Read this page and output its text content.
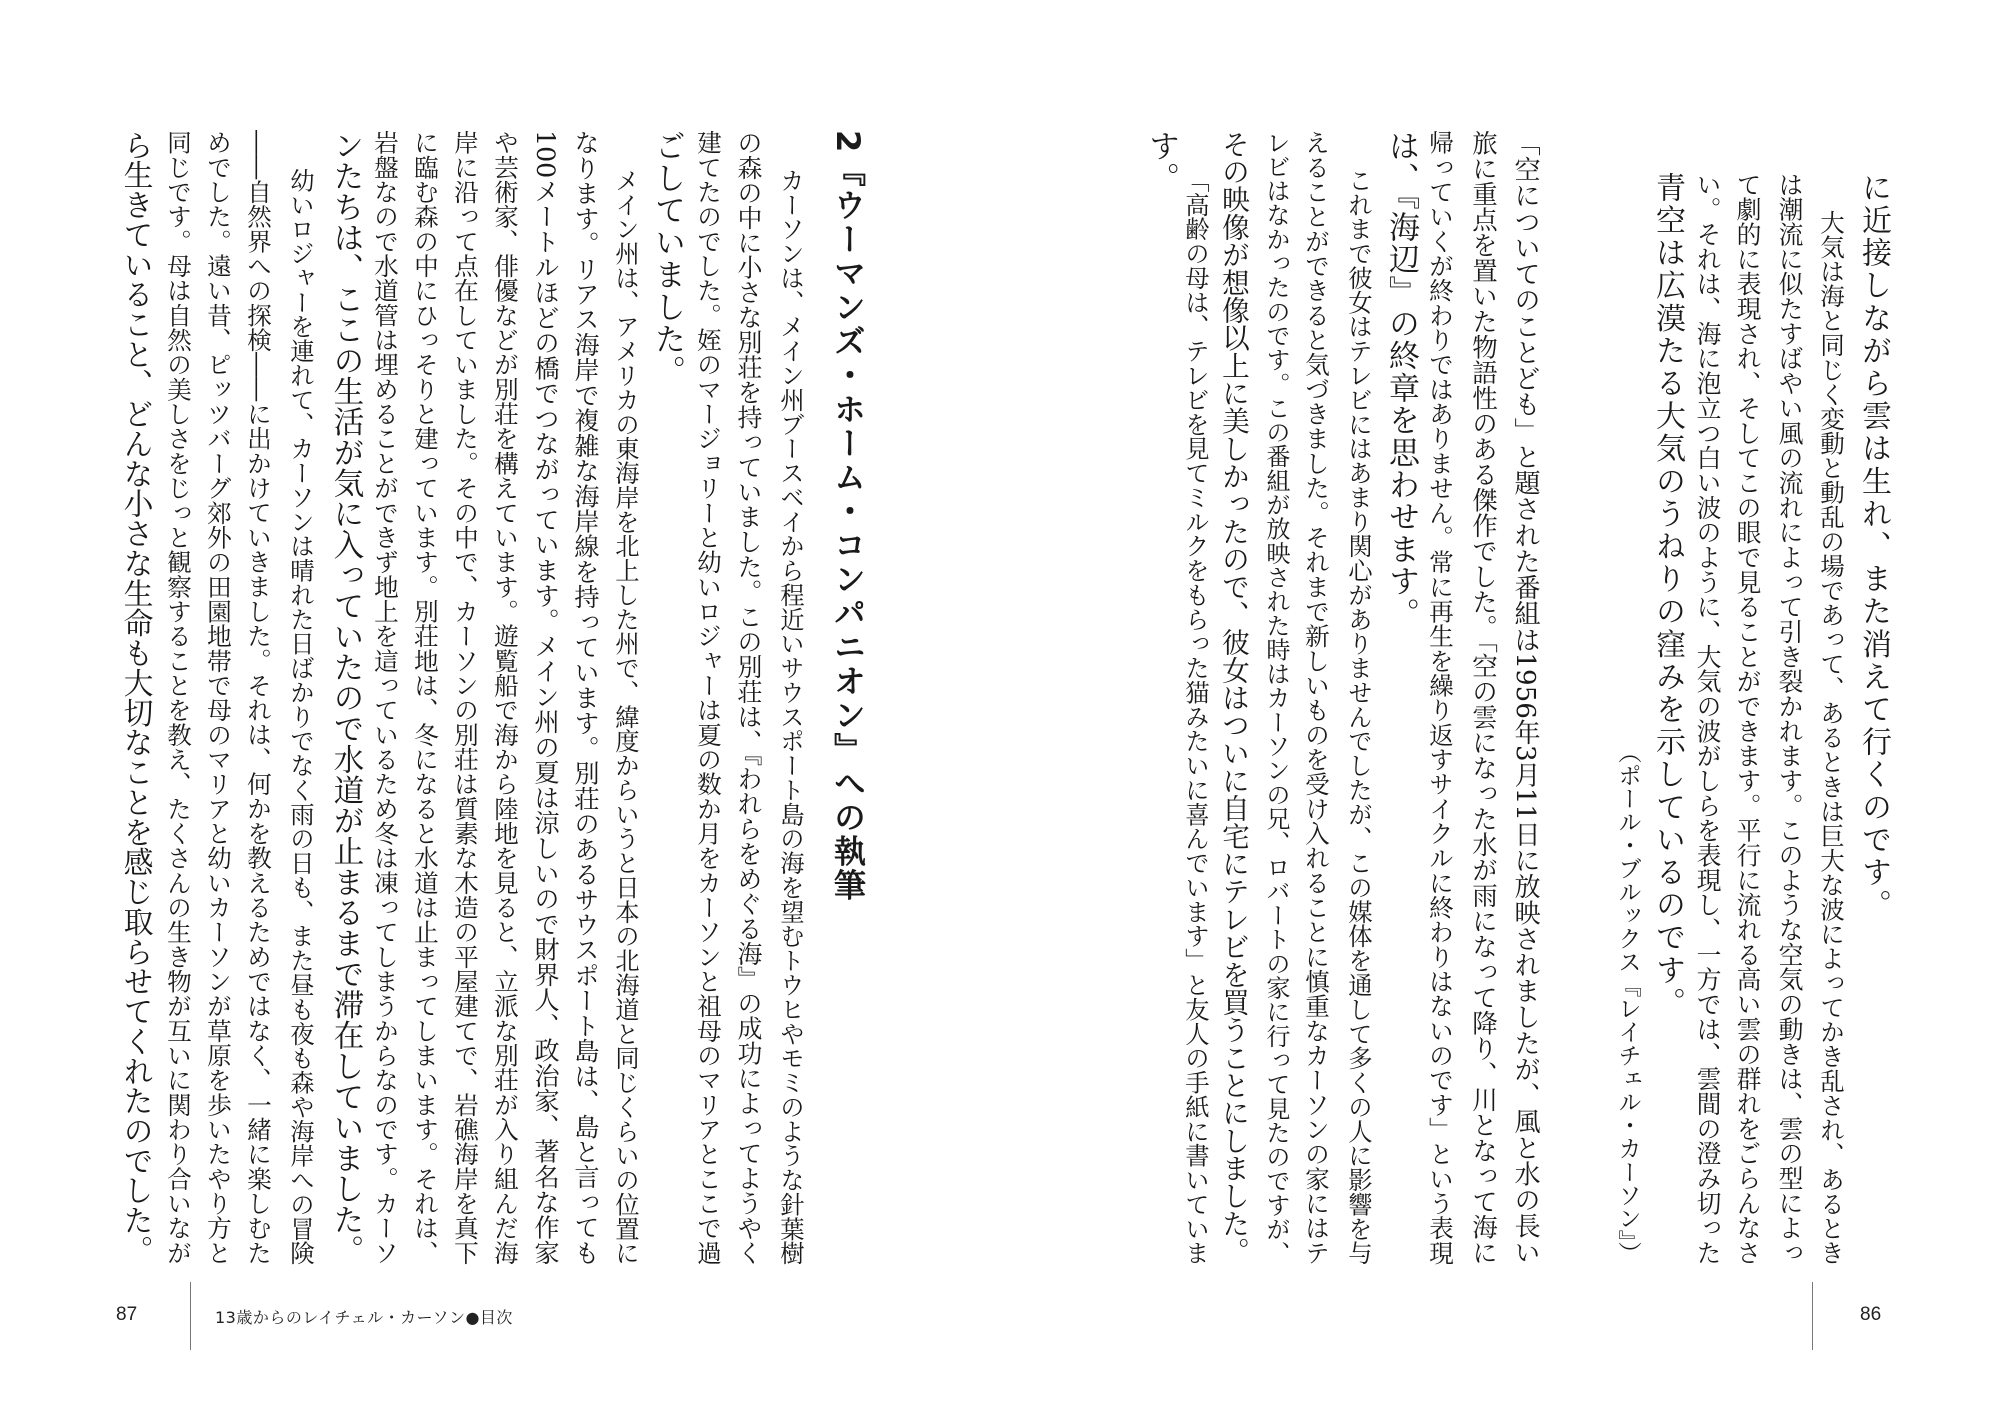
に近接しながら雲は生れ、また消えて行くのです。
大気は海と同じく変動と動乱の場であって、あるときは巨大な波によってかき乱され、あるとき
は潮流に似たすばやい風の流れによって引き裂かれます。このような空気の動きは、雲の型によっ
て劇的に表現され、そしてこの眼で見ることができます。平行に流れる高い雲の群れをごらんなさ
い。それは、海に泡立つ白い波のように、大気の波がしらを表現し、一方では、雲間の澄み切った
青空は広漠たる大気のうねりの窪みを示しているのです。
（ポール・ブルックス『レイチェル・カーソン』）
「空についてのことども」と題された番組は1956年3月11日に放映されましたが、風と水の長い
旅に重点を置いた物語性のある傑作でした。「空の雲になった水が雨になって降り、川となって海に
帰っていくが終わりではありません。常に再生を繰り返すサイクルに終わりはないのです」という表現
は、『海辺』の終章を思わせます。
これまで彼女はテレビにはあまり関心がありませんでしたが、この媒体を通して多くの人に影響を与
えることができると気づきました。それまで新しいものを受け入れることに慎重なカーソンの家にはテ
レビはなかったのです。この番組が放映された時はカーソンの兄、ロバートの家に行って見たのですが、
その映像が想像以上に美しかったので、彼女はついに自宅にテレビを買うことにしました。
「高齢の母は、テレビを見てミルクをもらった猫みたいに喜んでいます」と友人の手紙に書いていま
す。
86
2『ウーマンズ・ホーム・コンパニオン』への執筆
カーソンは、メイン州ブースベイから程近いサウスポート島の海を望むトウヒやモミのような針葉樹
の森の中に小さな別荘を持っていました。この別荘は、『われらをめぐる海』の成功によってようやく
建てたのでした。姪のマージョリーと幼いロジャーは夏の数か月をカーソンと祖母のマリアとここで過
ごしていました。
メイン州は、アメリカの東海岸を北上した州で、緯度からいうと日本の北海道と同じくらいの位置に
なります。リアス海岸で複雑な海岸線を持っています。別荘のあるサウスポート島は、島と言っても
100メートルほどの橋でつながっています。メイン州の夏は涼しいので財界人、政治家、著名な作家
や芸術家、俳優などが別荘を構えています。遊覧船で海から陸地を見ると、立派な別荘が入り組んだ海
岸に沿って点在していました。その中で、カーソンの別荘は質素な木造の平屋建てで、岩礁海岸を真下
に臨む森の中にひっそりと建っています。別荘地は、冬になると水道は止まってしまいます。それは、
岩盤なので水道管は埋めることができず地上を這っているため冬は凍ってしまうからなのです。カーソ
ンたちは、ここの生活が気に入っていたので水道が止まるまで滞在していました。
幼いロジャーを連れて、カーソンは晴れた日ばかりでなく雨の日も、また昼も夜も森や海岸への冒険
――自然界への探検――に出かけていきました。それは、何かを教えるためではなく、一緒に楽しむた
めでした。遠い昔、ピッツバーグ郊外の田園地帯で母のマリアと幼いカーソンが草原を歩いたやり方と
同じです。母は自然の美しさをじっと観察することを教え、たくさんの生き物が互いに関わり合いなが
ら生きていること、どんな小さな生命も大切なことを感じ取らせてくれたのでした。
87	13歳からのレイチェル・カーソン●目次
